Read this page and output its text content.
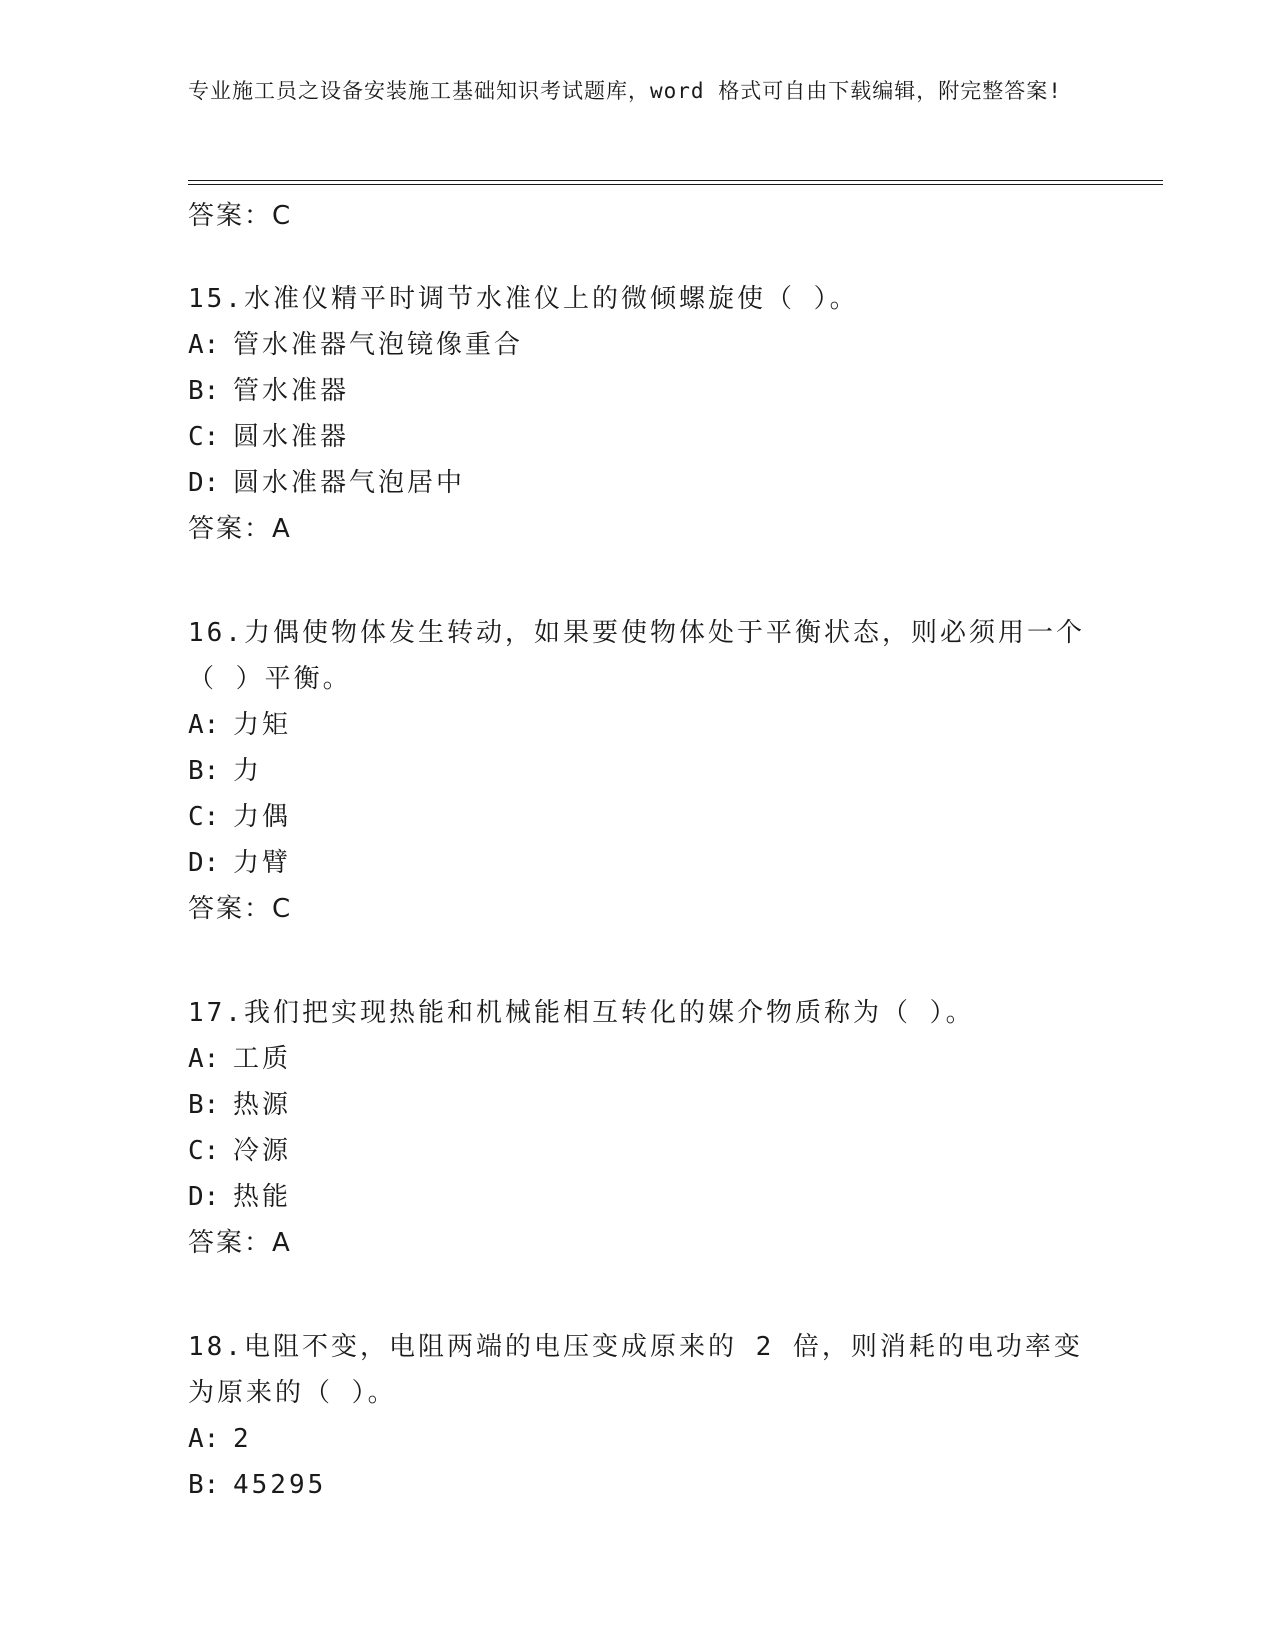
专业施工员之设备安装施工基础知识考试题库，word 格式可自由下载编辑，附完整答案!

答案：C

15.水准仪精平时调节水准仪上的微倾螺旋使（ ）。

A: 管水准器气泡镜像重合
B: 管水准器
C: 圆水准器
D: 圆水准器气泡居中

答案：A

16.力偶使物体发生转动，如果要使物体处于平衡状态，则必须用一个（ ）平衡。

A: 力矩
B: 力
C: 力偶
D: 力臂

答案：C

17.我们把实现热能和机械能相互转化的媒介物质称为（ ）。

A: 工质
B: 热源
C: 冷源
D: 热能

答案：A

18.电阻不变，电阻两端的电压变成原来的 2 倍，则消耗的电功率变为原来的（ ）。

A: 2
B: 45295
